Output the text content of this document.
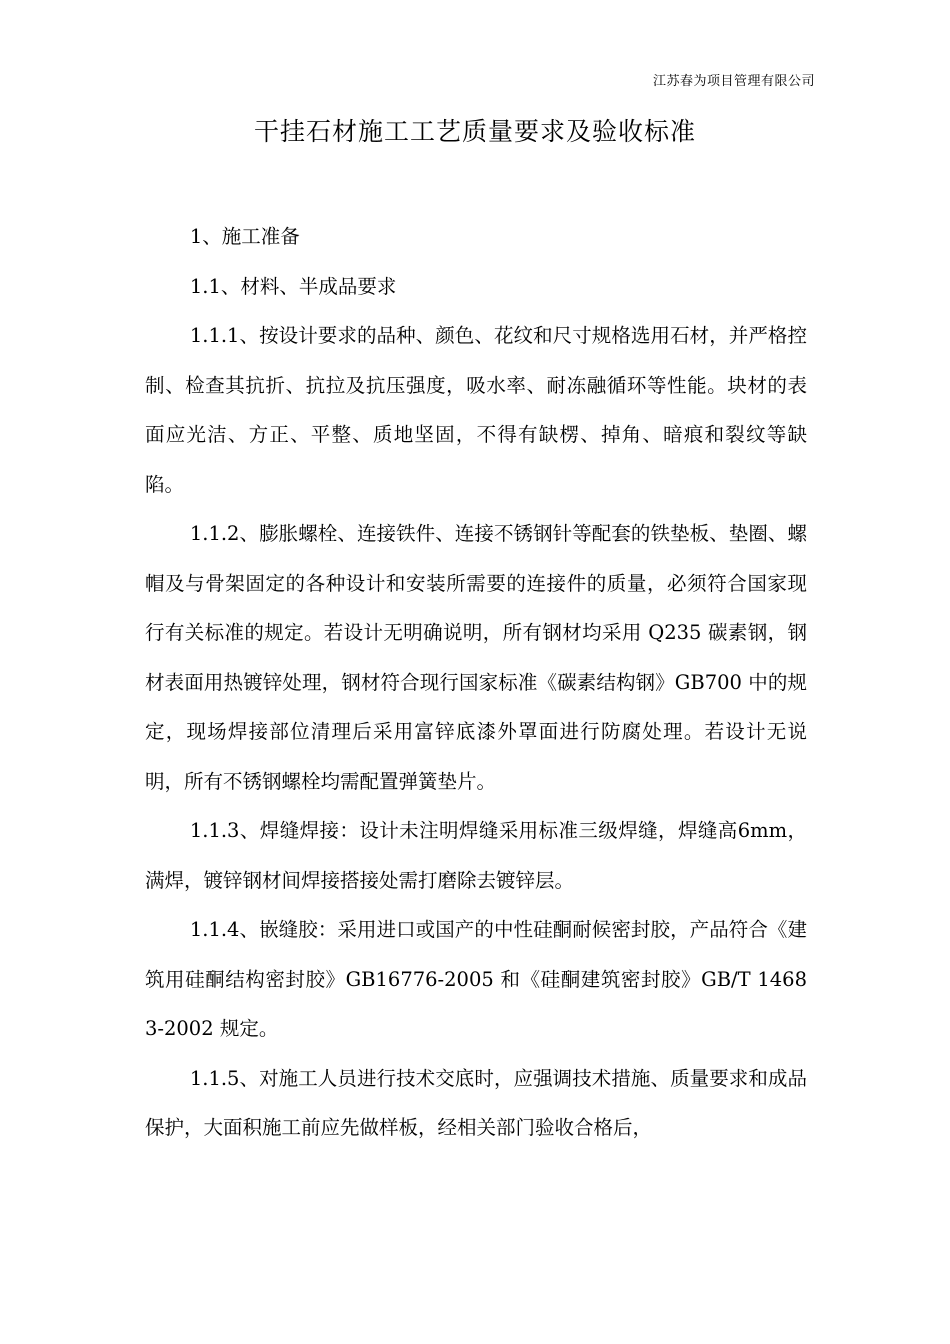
江苏春为项目管理有限公司
干挂石材施工工艺质量要求及验收标准

1、施工准备

1.1、材料、半成品要求

1.1.1、按设计要求的品种、颜色、花纹和尺寸规格选用石材，并严格控制、检查其抗折、抗拉及抗压强度，吸水率、耐冻融循环等性能。块材的表面应光洁、方正、平整、质地坚固，不得有缺楞、掉角、暗痕和裂纹等缺陷。

1.1.2、膨胀螺栓、连接铁件、连接不锈钢针等配套的铁垫板、垫圈、螺帽及与骨架固定的各种设计和安装所需要的连接件的质量，必须符合国家现行有关标准的规定。若设计无明确说明，所有钢材均采用 Q235 碳素钢，钢材表面用热镀锌处理，钢材符合现行国家标准《碳素结构钢》GB700 中的规定，现场焊接部位清理后采用富锌底漆外罩面进行防腐处理。若设计无说明，所有不锈钢螺栓均需配置弹簧垫片。

1.1.3、焊缝焊接：设计未注明焊缝采用标准三级焊缝，焊缝高6mm，满焊，镀锌钢材间焊接搭接处需打磨除去镀锌层。

1.1.4、嵌缝胶：采用进口或国产的中性硅酮耐候密封胶，产品符合《建筑用硅酮结构密封胶》GB16776-2005 和《硅酮建筑密封胶》GB/T 14683-2002 规定。

1.1.5、对施工人员进行技术交底时，应强调技术措施、质量要求和成品保护，大面积施工前应先做样板，经相关部门验收合格后，
